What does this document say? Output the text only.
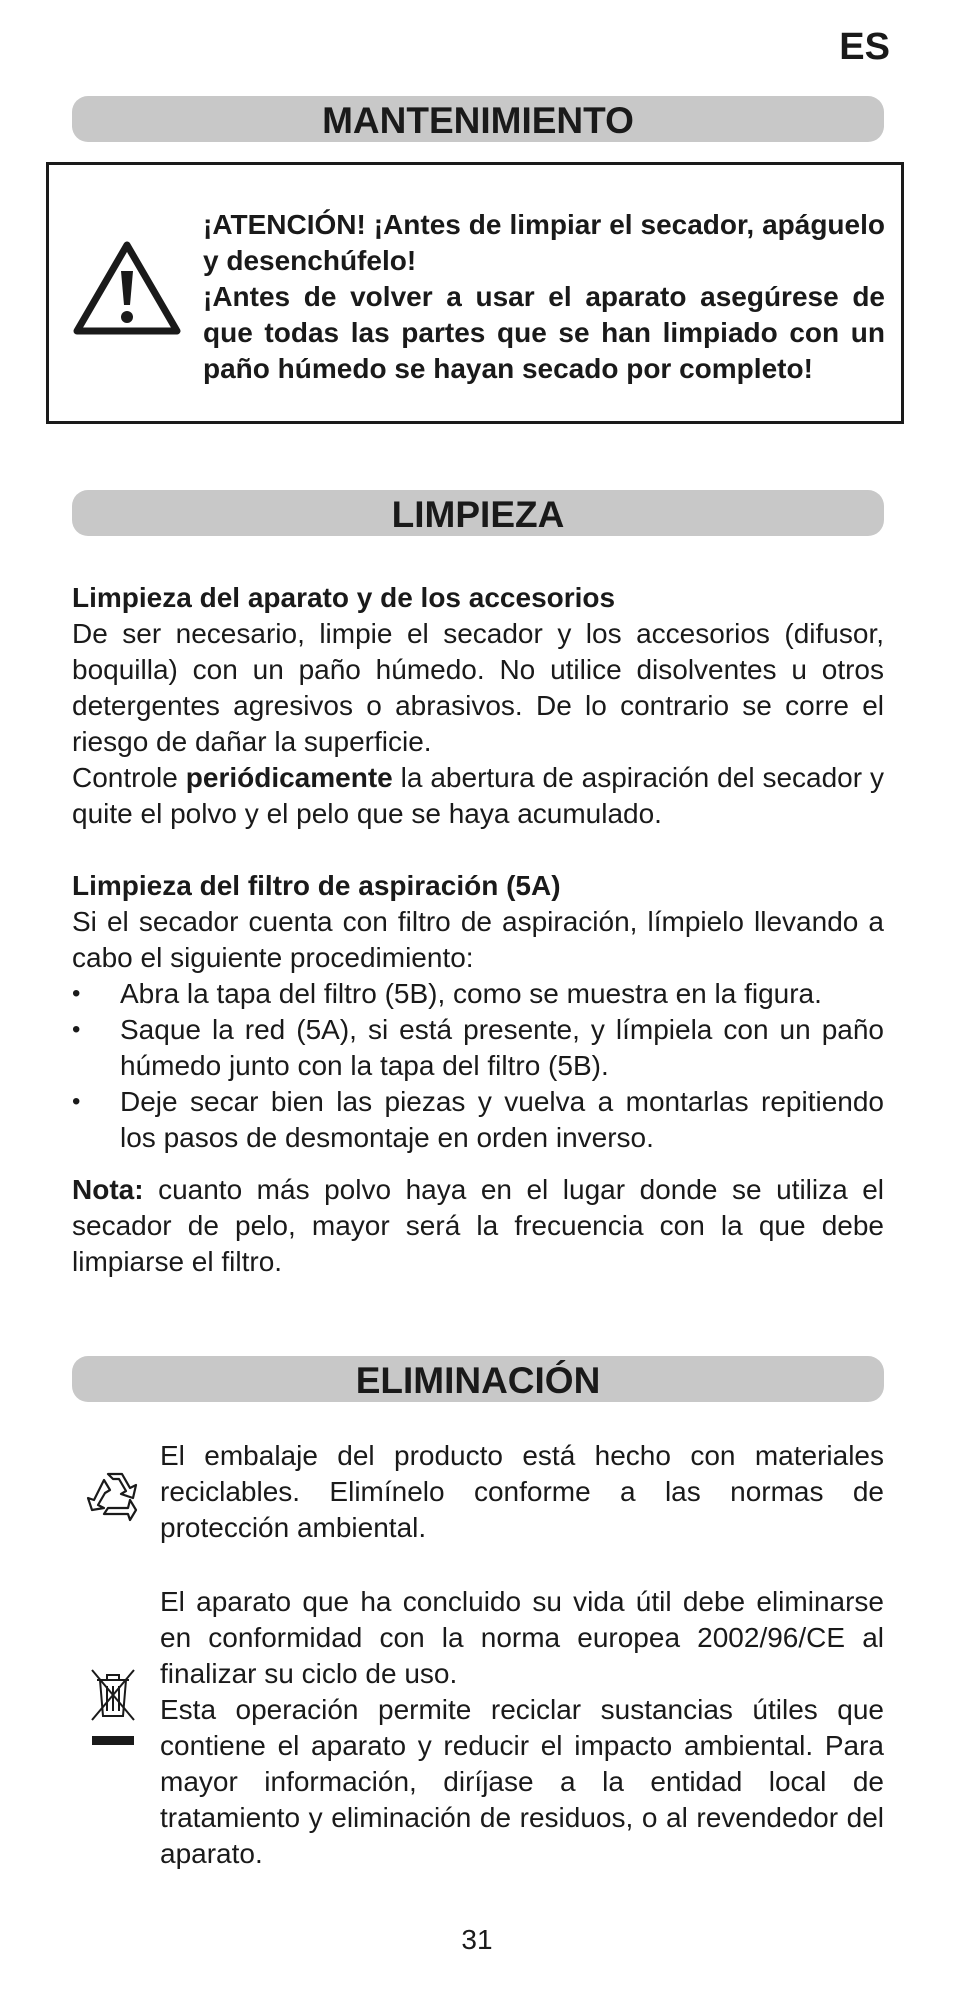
ES
MANTENIMIENTO
¡ATENCIÓN! ¡Antes de limpiar el secador, apáguelo y desenchúfelo!
¡Antes de volver a usar el aparato asegúrese de que todas las partes que se han limpiado con un paño húmedo se hayan secado por completo!
LIMPIEZA

Limpieza del aparato y de los accesorios

De ser necesario, limpie el secador y los accesorios (difusor, boquilla) con un paño húmedo. No utilice disolventes u otros detergentes agresivos o abrasivos. De lo contrario se corre el riesgo de dañar la superficie.

Controle periódicamente la abertura de aspiración del secador y quite el polvo y el pelo que se haya acumulado.

Limpieza del filtro de aspiración (5A)

Si el secador cuenta con filtro de aspiración, límpielo llevando a cabo el siguiente procedimiento:

• Abra la tapa del filtro (5B), como se muestra en la figura.
• Saque la red (5A), si está presente, y límpiela con un paño húmedo junto con la tapa del filtro (5B).
• Deje secar bien las piezas y vuelva a montarlas repitiendo los pasos de desmontaje en orden inverso.

Nota: cuanto más polvo haya en el lugar donde se utiliza el secador de pelo, mayor será la frecuencia con la que debe limpiarse el filtro.

ELIMINACIÓN

El embalaje del producto está hecho con materiales reciclables. Elimínelo conforme a las normas de protección ambiental.

El aparato que ha concluido su vida útil debe eliminarse en conformidad con la norma europea 2002/96/CE al finalizar su ciclo de uso.
Esta operación permite reciclar sustancias útiles que contiene el aparato y reducir el impacto ambiental. Para mayor información, diríjase a la entidad local de tratamiento y eliminación de residuos, o al revendedor del aparato.
31
